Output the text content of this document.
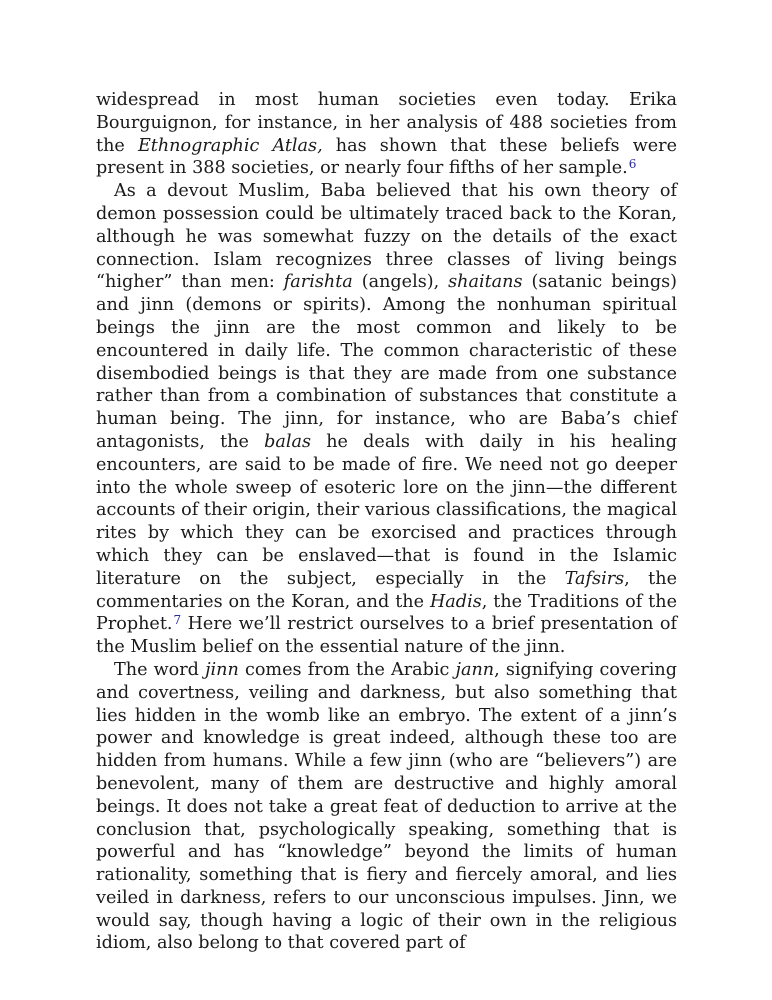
widespread in most human societies even today. Erika Bourguignon, for instance, in her analysis of 488 societies from the Ethnographic Atlas, has shown that these beliefs were present in 388 societies, or nearly four fifths of her sample.$^6$

As a devout Muslim, Baba believed that his own theory of demon possession could be ultimately traced back to the Koran, although he was somewhat fuzzy on the details of the exact connection. Islam recognizes three classes of living beings “higher” than men: farishta (angels), shaitans (satanic beings) and jinn (demons or spirits). Among the nonhuman spiritual beings the jinn are the most common and likely to be encountered in daily life. The common characteristic of these disembodied beings is that they are made from one substance rather than from a combination of substances that constitute a human being. The jinn, for instance, who are Baba’s chief antagonists, the balas he deals with daily in his healing encounters, are said to be made of fire. We need not go deeper into the whole sweep of esoteric lore on the jinn—the different accounts of their origin, their various classifications, the magical rites by which they can be exorcised and practices through which they can be enslaved—that is found in the Islamic literature on the subject, especially in the Tafsirs, the commentaries on the Koran, and the Hadis, the Traditions of the Prophet.$^7$ Here we’ll restrict ourselves to a brief presentation of the Muslim belief on the essential nature of the jinn.

The word jinn comes from the Arabic jann, signifying covering and covertness, veiling and darkness, but also something that lies hidden in the womb like an embryo. The extent of a jinn’s power and knowledge is great indeed, although these too are hidden from humans. While a few jinn (who are “believers”) are benevolent, many of them are destructive and highly amoral beings. It does not take a great feat of deduction to arrive at the conclusion that, psychologically speaking, something that is powerful and has “knowledge” beyond the limits of human rationality, something that is fiery and fiercely amoral, and lies veiled in darkness, refers to our unconscious impulses. Jinn, we would say, though having a logic of their own in the religious idiom, also belong to that covered part of
